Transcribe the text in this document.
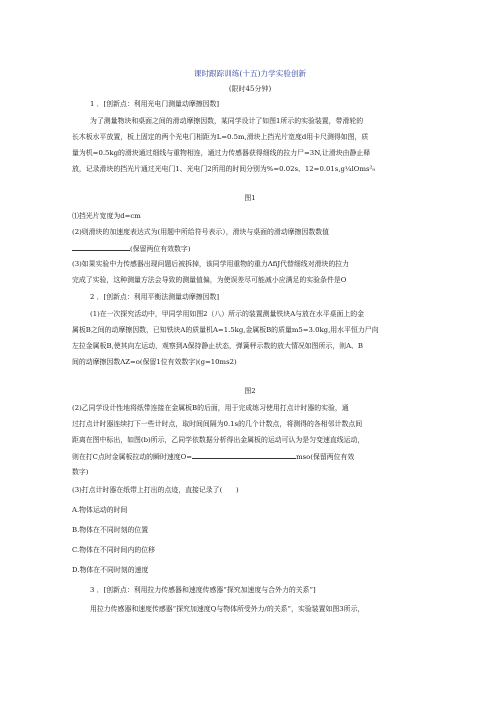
课时跟踪训练(十五)力学实验创新
(限时45分钟)
1 ．[创新点：利用光电门测量动摩擦因数]
为了测量物块和桌面之间的滑动摩擦因数，某同学设计了如图1所示的实验装置，带滑轮的
长木板水平放置，板上固定的两个光电门相距为L=0.5m,滑块上挡光片宽度d用卡尺测得如图，质
量为机=0.5kg的滑块通过细线与重物相连，通过力传感器获得细线的拉力尸=3N,让滑块由静止释
放，记录滑块的挡光片通过光电门1、光电门2所用的时间分别为%=0.02s、12=0.01s,g¼lOms²₉
图1
⑴挡光片宽度为d=cm
(2)则滑块的加速度表达式为(用题中所给符号表示），滑块与桌面的滑动摩擦因数数值
(保留两位有效数字)
(3)如果实验中力传感器出现问题后被拆掉，该同学用重物的重力ΛfiJ代替细线对滑块的拉力
完成了实验，这种测量方法会导致的测量值偏，为使误差尽可能减小应满足的实验条件是O
2 ．[创新点：利用平衡法测量动摩擦因数]
(1)在一次探究活动中，甲同学用如图2（八）所示的装置测量铁块A与放在水平桌面上的金
属板B之间的动摩擦因数，已知铁块A的质量机A=1.5kg,金属板B的质量m5=3.0kg,用水平恒力尸向
左拉金属板B,使其向左运动，观察到A保持静止状态，弹簧秤示数的放大情况如图所示，则A、B
间的动摩擦因数ΛZ=o(保留1位有效数字)(g=10ms2)
图2
(2)乙同学设计性地将纸带连接在金属板B的后面，用于完成练习使用打点计时器的实验，通
过打点计时器连续打下一些计时点，取时间间隔为0.1s的几个计数点，将测得的各相邻计数点间
距离在图中标出，如图(b)所示，乙同学依数据分析得出金属板的运动可认为是匀变速直线运动，
则在打C点时金属板拉动的瞬时速度O=	mso(保留两位有效
数字)
(3)打点计时器在纸带上打出的点迹，直接记录了(　　)
A.物体运动的时间
B.物体在不同时刻的位置
C.物体在不同时间内的位移
D.物体在不同时刻的速度
3 ．[创新点：利用拉力传感器和速度传感器“探究加速度与合外力的关系”]
用拉力传感器和速度传感器“探究加速度Q与物体所受外力/的关系”，实验装置如图3所示，
